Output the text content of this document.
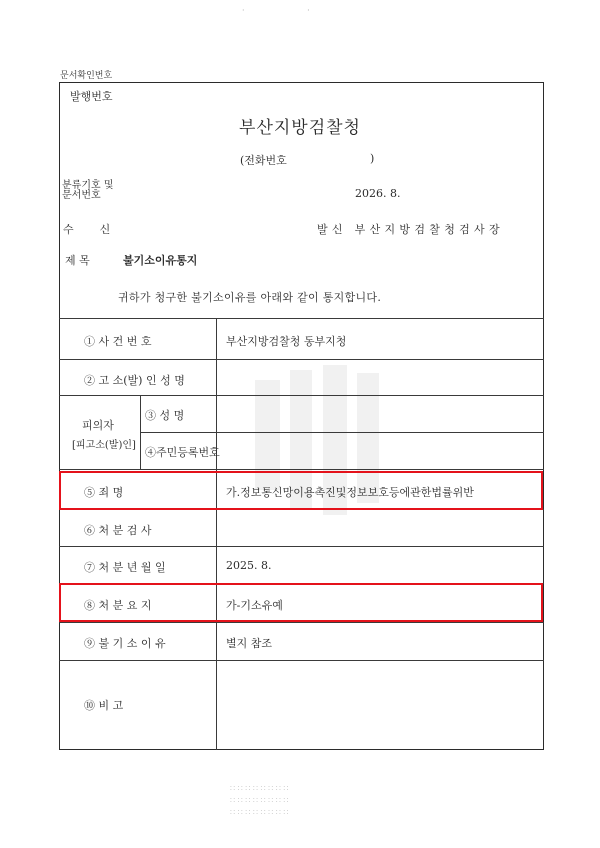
· ·
문서확인번호
발행번호
부산지방검찰청
(전화번호	)
분류기호 및
문서번호	2026. 8.
수 신	발신 부산지방검찰청검사장
제 목	불기소이유통지
귀하가 청구한 불기소이유를 아래와 같이 통지합니다.
① 사 건 번 호	부산지방검찰청 동부지청
② 고 소(발) 인 성 명
피의자
[피고소(발)인]
③ 성 명
④주민등록번호
⑤ 죄 명	가.정보통신망이용촉진및정보보호등에관한법률위반
⑥ 처 분 검 사
⑦ 처 분 년 월 일	2025. 8.
⑧ 처 분 요 지	가-기소유예
⑨ 불 기 소 이 유	별지 참조
⑩ 비 고
∷ ∷ ∷ ∷ ∷ ∷ ∷ ∷
∷ ∷ ∷ ∷ ∷ ∷ ∷ ∷
∷ ∷ ∷ ∷ ∷ ∷ ∷ ∷
